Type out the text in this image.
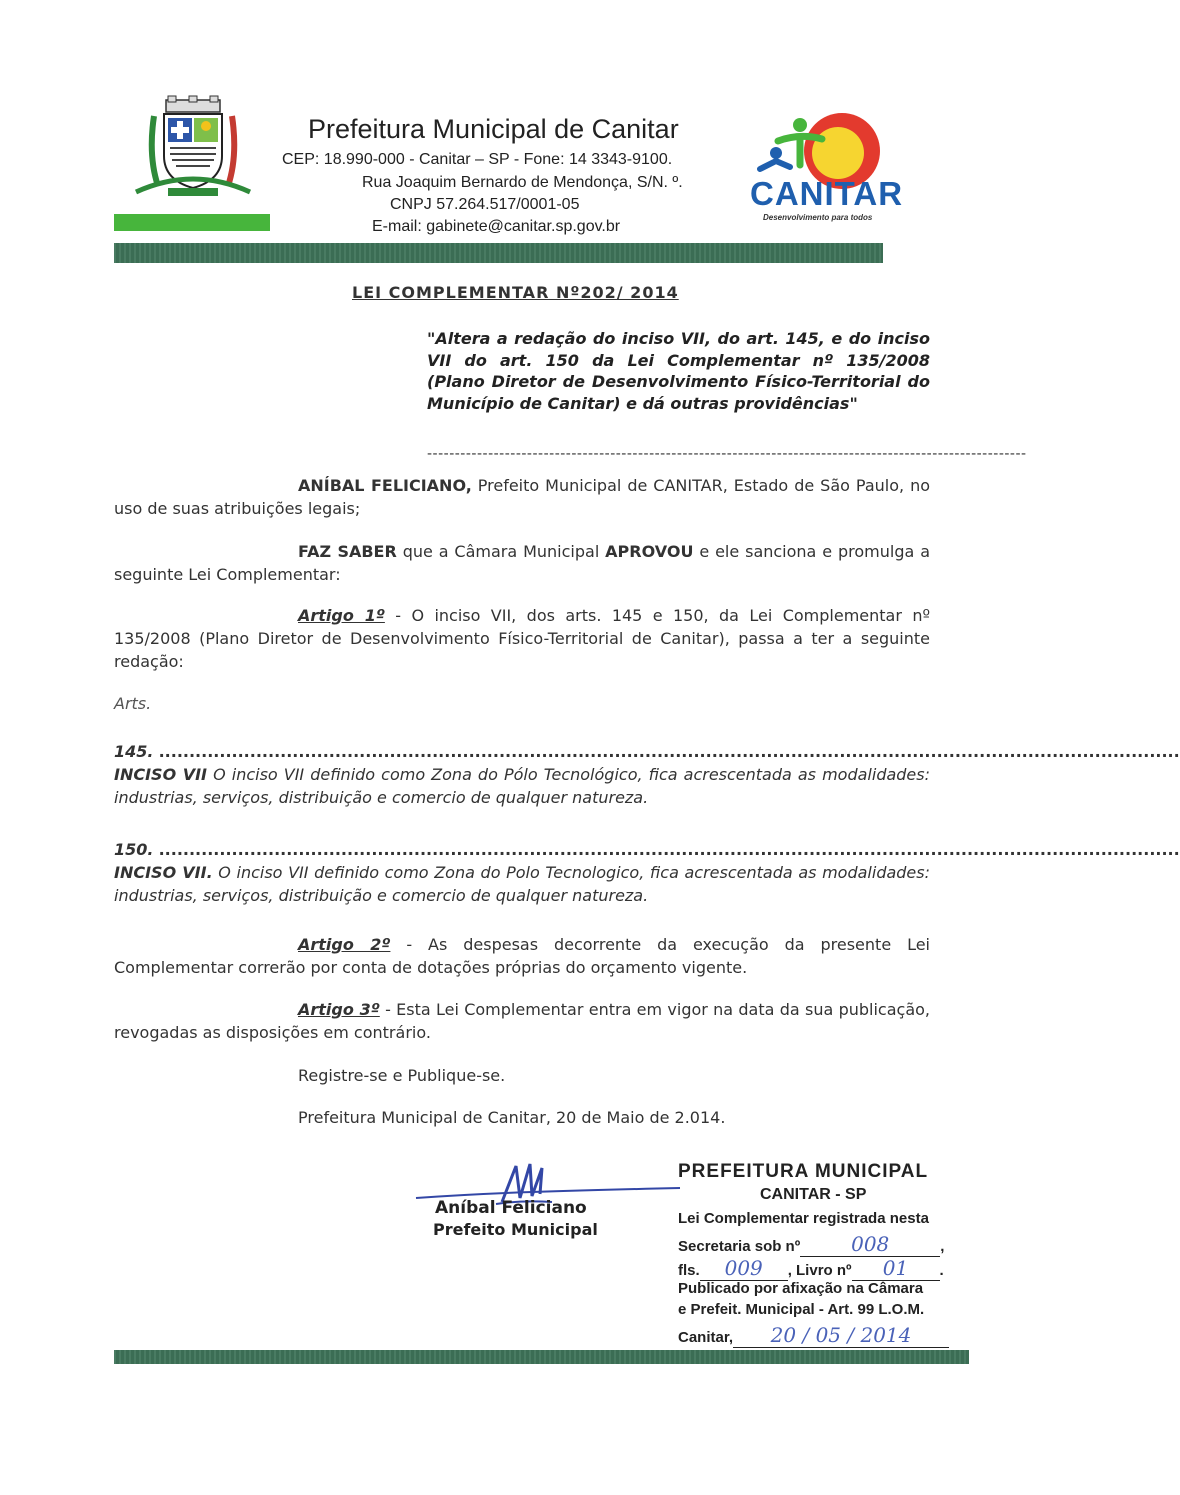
Prefeitura Municipal de Canitar
CEP: 18.990-000 - Canitar – SP - Fone: 14 3343-9100.
Rua Joaquim Bernardo de Mendonça, S/N. º.
CNPJ 57.264.517/0001-05
E-mail: gabinete@canitar.sp.gov.br
CANITAR
Desenvolvimento para todos
LEI COMPLEMENTAR Nº202/ 2014
"Altera a redação do inciso VII, do art. 145, e do inciso VII do art. 150 da Lei Complementar nº 135/2008 (Plano Diretor de Desenvolvimento Físico-Territorial do Município de Canitar) e dá outras providências"
------------------------------------------------------------------------------------------------------------
ANÍBAL FELICIANO, Prefeito Municipal de CANITAR, Estado de São Paulo, no uso de suas atribuições legais;
FAZ SABER que a Câmara Municipal APROVOU e ele sanciona e promulga a seguinte Lei Complementar:
Artigo 1º - O inciso VII, dos arts. 145 e 150, da Lei Complementar nº 135/2008 (Plano Diretor de Desenvolvimento Físico-Territorial de Canitar), passa a ter a seguinte redação:
Arts.
145. ........................................................................................................................................................................
INCISO VII O inciso VII definido como Zona do Pólo Tecnológico, fica acrescentada as modalidades: industrias, serviços, distribuição e comercio de qualquer natureza.
150. ........................................................................................................................................................................
INCISO VII. O inciso VII definido como Zona do Polo Tecnologico, fica acrescentada as modalidades: industrias, serviços, distribuição e comercio de qualquer natureza.
Artigo 2º - As despesas decorrente da execução da presente Lei Complementar correrão por conta de dotações próprias do orçamento vigente.
Artigo 3º - Esta Lei Complementar entra em vigor na data da sua publicação, revogadas as disposições em contrário.
Registre-se e Publique-se.
Prefeitura Municipal de Canitar, 20 de Maio de 2.014.
Aníbal Feliciano
Prefeito Municipal
PREFEITURA MUNICIPAL
CANITAR - SP
Lei Complementar registrada nesta
Secretaria sob nº	008	,
fls. 009 , Livro nº 01 .
Publicado por afixação na Câmara
e Prefeit. Municipal - Art. 99 L.O.M.
Canitar, 20 / 05 / 2014
